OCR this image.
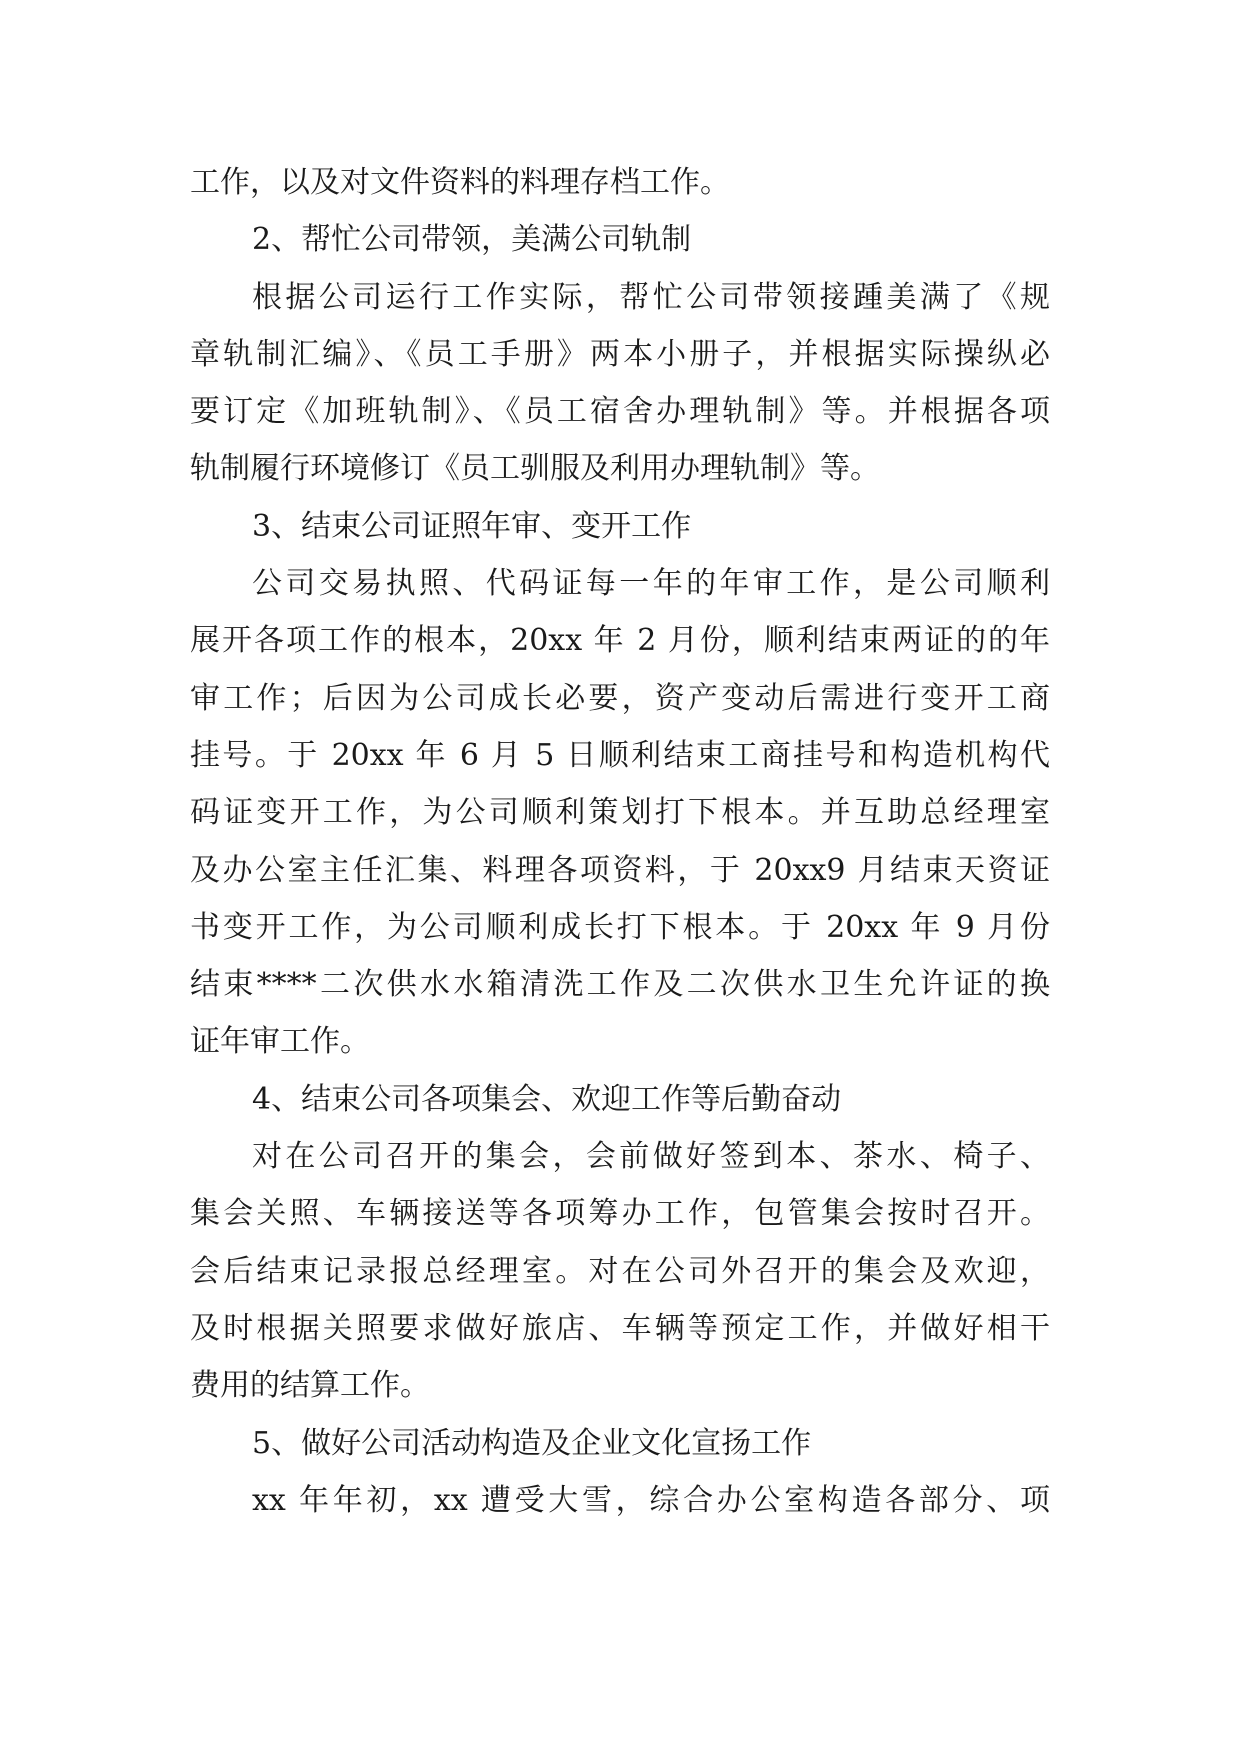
工作，以及对文件资料的料理存档工作。
2、帮忙公司带领，美满公司轨制
根据公司运行工作实际，帮忙公司带领接踵美满了《规
章轨制汇编》、《员工手册》两本小册子，并根据实际操纵必
要订定《加班轨制》、《员工宿舍办理轨制》等。并根据各项
轨制履行环境修订《员工驯服及利用办理轨制》等。
3、结束公司证照年审、变开工作
公司交易执照、代码证每一年的年审工作，是公司顺利
展开各项工作的根本，20xx 年 2 月份，顺利结束两证的的年
审工作；后因为公司成长必要，资产变动后需进行变开工商
挂号。于 20xx 年 6 月 5 日顺利结束工商挂号和构造机构代
码证变开工作，为公司顺利策划打下根本。并互助总经理室
及办公室主任汇集、料理各项资料，于 20xx9 月结束天资证
书变开工作，为公司顺利成长打下根本。于 20xx 年 9 月份
结束****二次供水水箱清洗工作及二次供水卫生允许证的换
证年审工作。
4、结束公司各项集会、欢迎工作等后勤奋动
对在公司召开的集会，会前做好签到本、茶水、椅子、
集会关照、车辆接送等各项筹办工作，包管集会按时召开。
会后结束记录报总经理室。对在公司外召开的集会及欢迎，
及时根据关照要求做好旅店、车辆等预定工作，并做好相干
费用的结算工作。
5、做好公司活动构造及企业文化宣扬工作
xx 年年初，xx 遭受大雪，综合办公室构造各部分、项
